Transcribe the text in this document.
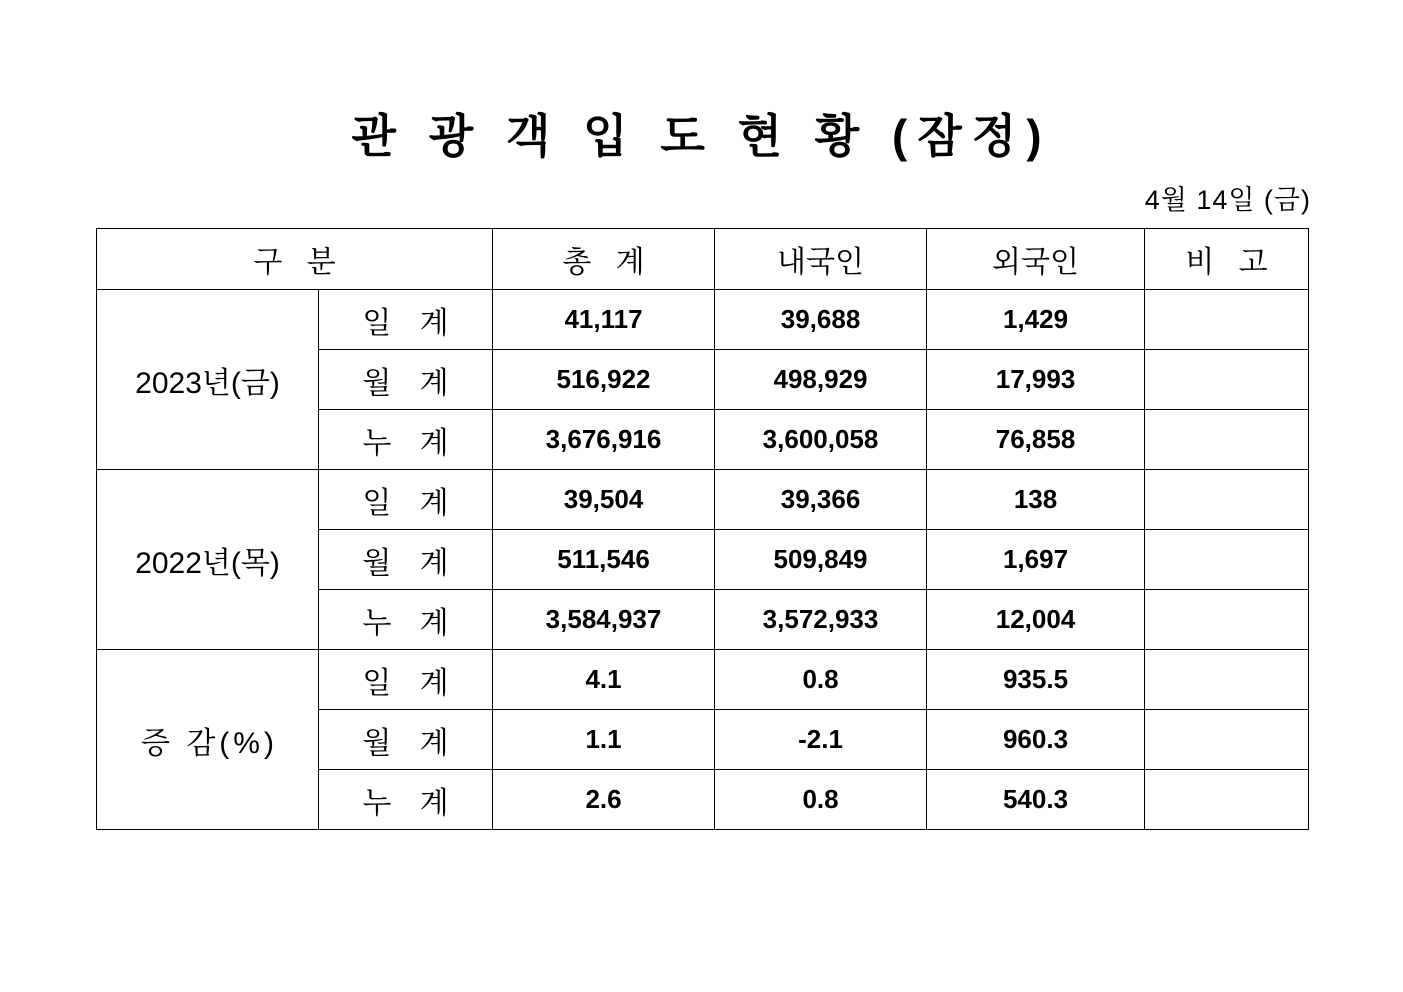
관 광 객 입 도 현 황 (잠정)
4월 14일 (금)
구 분		총 계	내국인	외국인	비 고
2023년(금)	일 계	41,117	39,688	1,429	
	월 계	516,922	498,929	17,993	
	누 계	3,676,916	3,600,058	76,858	
2022년(목)	일 계	39,504	39,366	138	
	월 계	511,546	509,849	1,697	
	누 계	3,584,937	3,572,933	12,004	
증 감(%)	일 계	4.1	0.8	935.5	
	월 계	1.1	-2.1	960.3	
	누 계	2.6	0.8	540.3	
